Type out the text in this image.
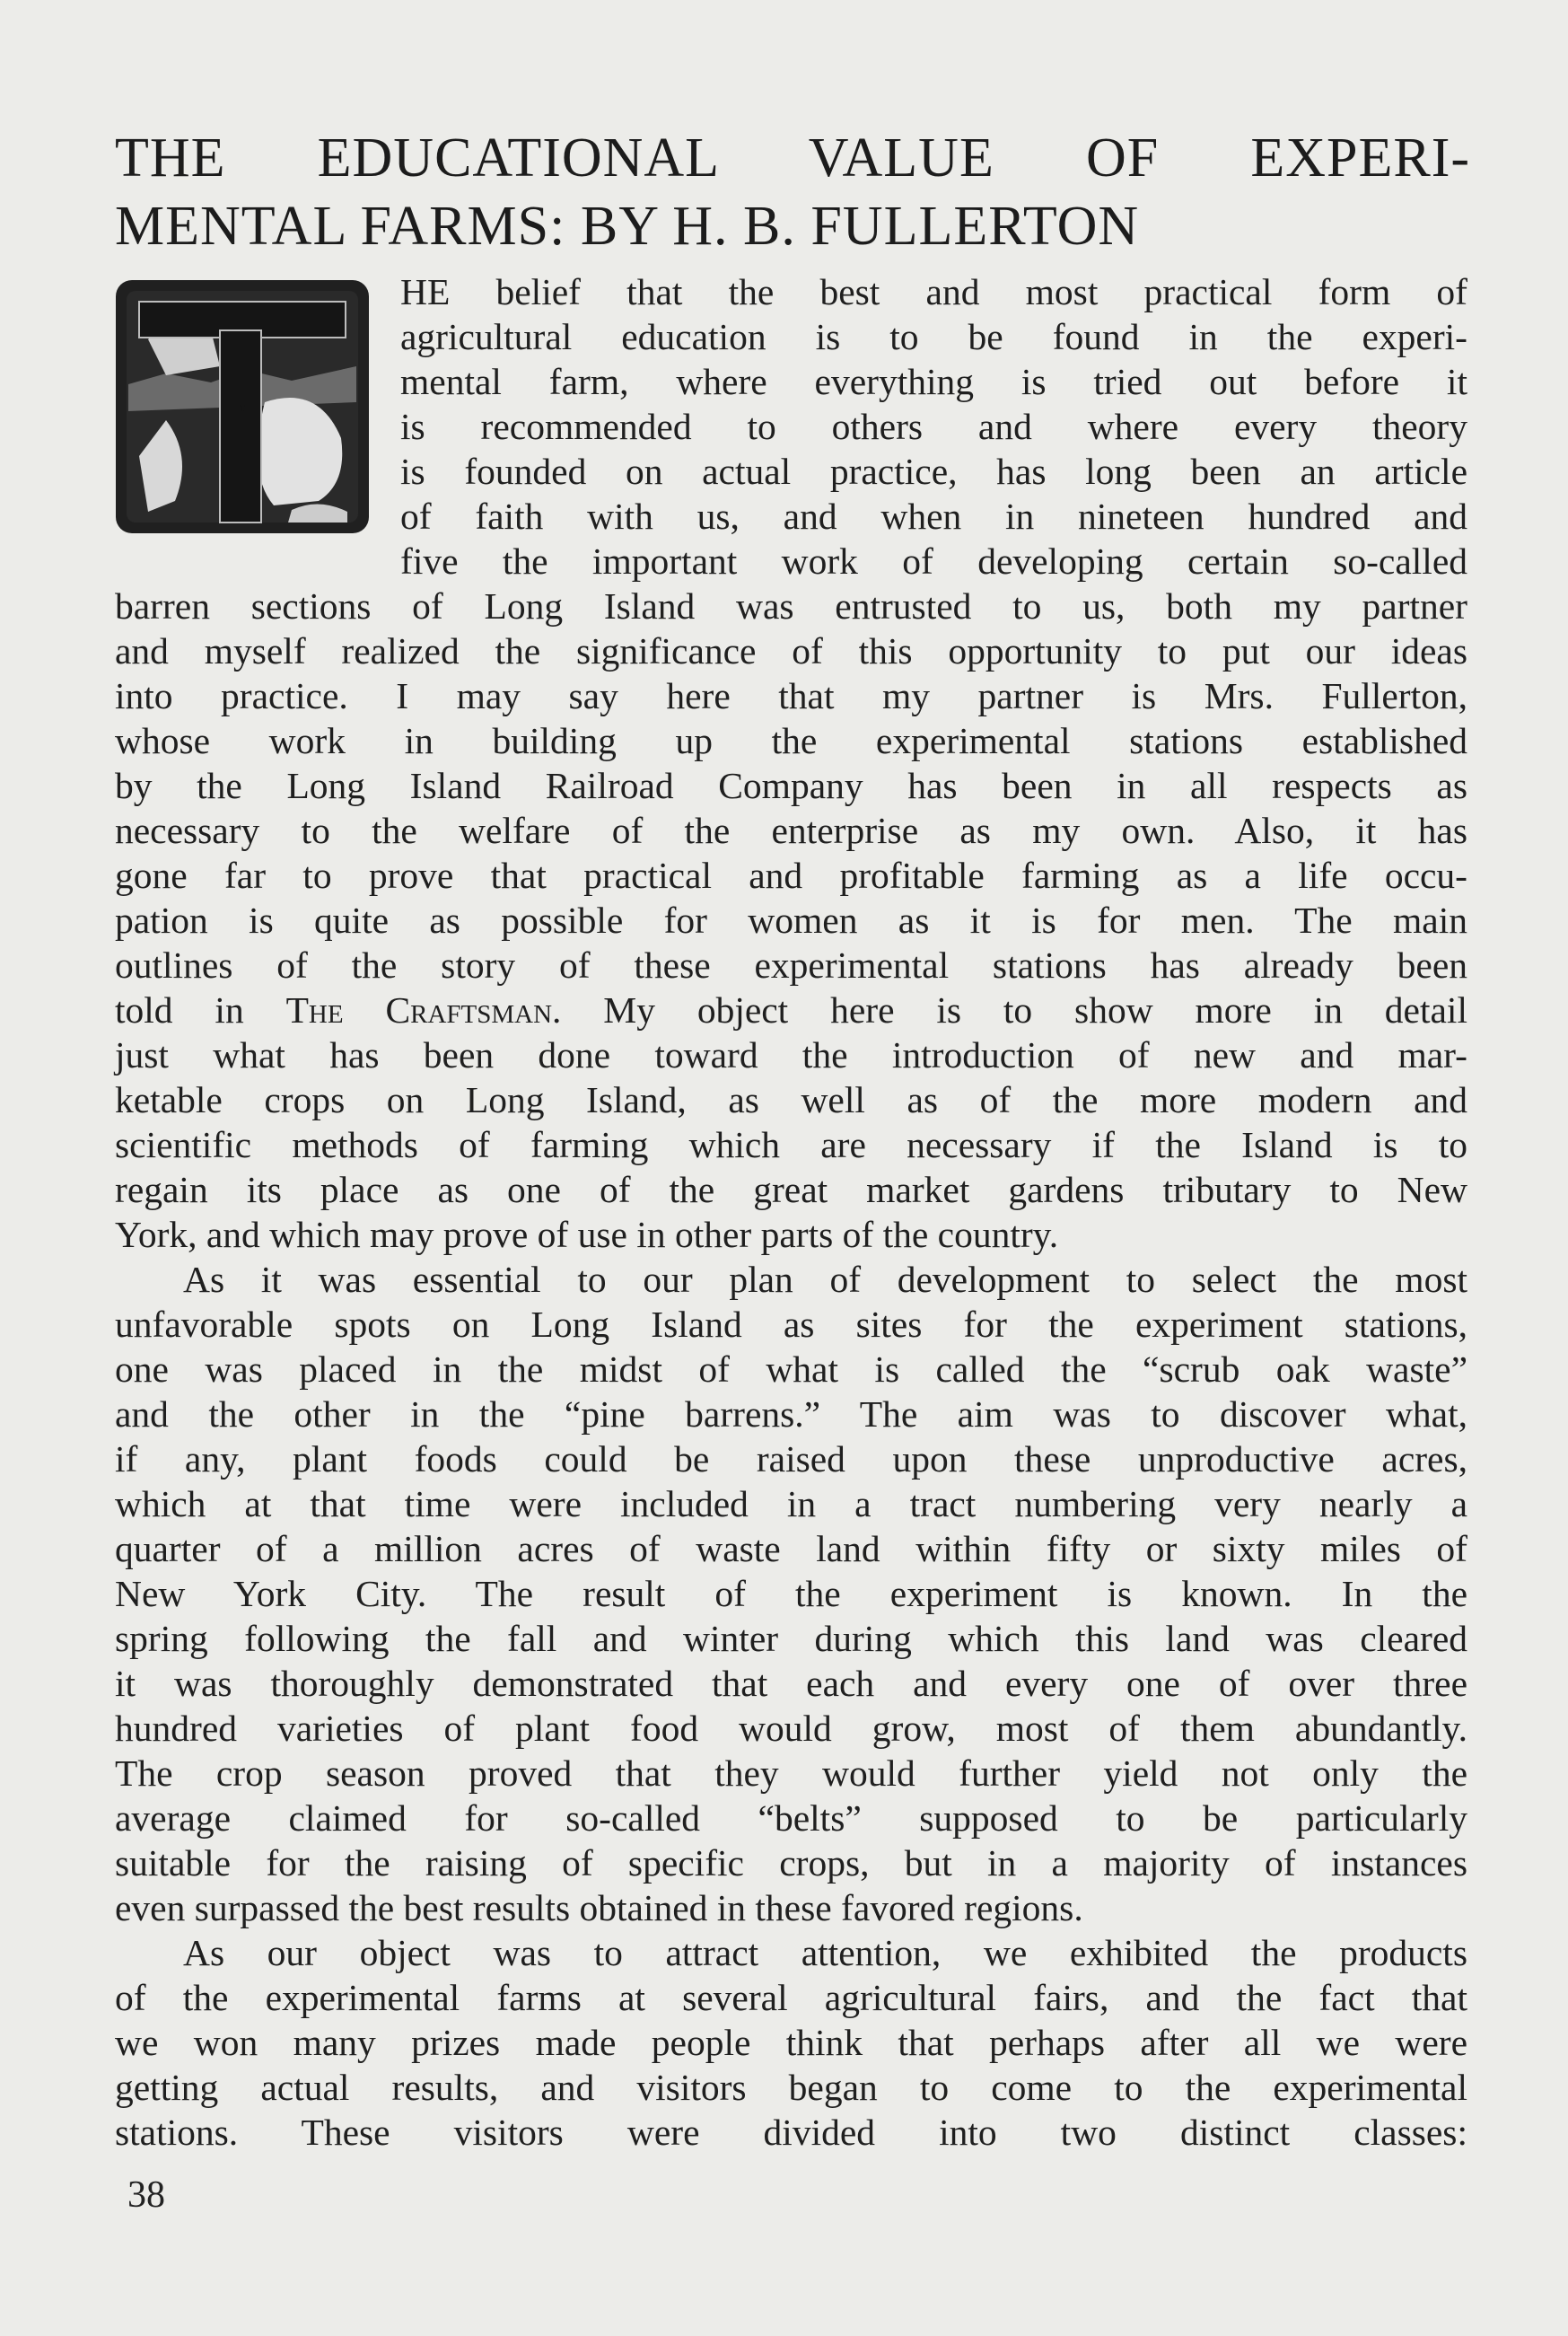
THE EDUCATIONAL VALUE OF EXPERI-
MENTAL FARMS: BY H. B. FULLERTON
T
HE belief that the best and most practical form of
agricultural education is to be found in the experi-
mental farm, where everything is tried out before it
is recommended to others and where every theory
is founded on actual practice, has long been an article
of faith with us, and when in nineteen hundred and
five the important work of developing certain so-called
barren sections of Long Island was entrusted to us, both my partner
and myself realized the significance of this opportunity to put our ideas
into practice. I may say here that my partner is Mrs. Fullerton,
whose work in building up the experimental stations established
by the Long Island Railroad Company has been in all respects as
necessary to the welfare of the enterprise as my own. Also, it has
gone far to prove that practical and profitable farming as a life occu-
pation is quite as possible for women as it is for men. The main
outlines of the story of these experimental stations has already been
told in The Craftsman. My object here is to show more in detail
just what has been done toward the introduction of new and mar-
ketable crops on Long Island, as well as of the more modern and
scientific methods of farming which are necessary if the Island is to
regain its place as one of the great market gardens tributary to New
York, and which may prove of use in other parts of the country.
As it was essential to our plan of development to select the most
unfavorable spots on Long Island as sites for the experiment stations,
one was placed in the midst of what is called the “scrub oak waste”
and the other in the “pine barrens.” The aim was to discover what,
if any, plant foods could be raised upon these unproductive acres,
which at that time were included in a tract numbering very nearly a
quarter of a million acres of waste land within fifty or sixty miles of
New York City. The result of the experiment is known. In the
spring following the fall and winter during which this land was cleared
it was thoroughly demonstrated that each and every one of over three
hundred varieties of plant food would grow, most of them abundantly.
The crop season proved that they would further yield not only the
average claimed for so-called “belts” supposed to be particularly
suitable for the raising of specific crops, but in a majority of instances
even surpassed the best results obtained in these favored regions.
As our object was to attract attention, we exhibited the products
of the experimental farms at several agricultural fairs, and the fact that
we won many prizes made people think that perhaps after all we were
getting actual results, and visitors began to come to the experimental
stations. These visitors were divided into two distinct classes:
38
